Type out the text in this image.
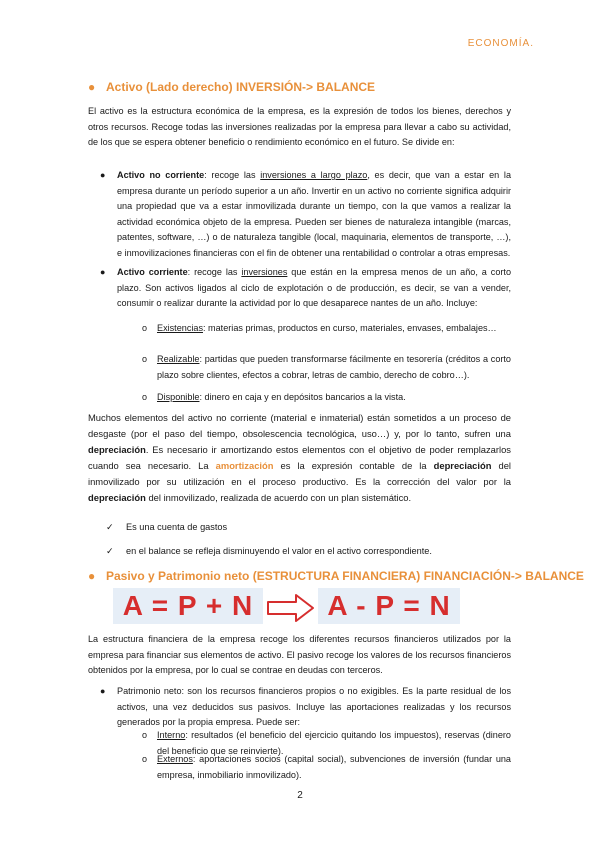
ECONOMÍA.
● Activo (Lado derecho) INVERSIÓN-> BALANCE

El activo es la estructura económica de la empresa, es la expresión de todos los bienes, derechos y otros recursos. Recoge todas las inversiones realizadas por la empresa para llevar a cabo su actividad, de los que se espera obtener beneficio o rendimiento económico en el futuro. Se divide en:

● Activo no corriente: recoge las inversiones a largo plazo, es decir, que van a estar en la empresa durante un período superior a un año. Invertir en un activo no corriente significa adquirir una propiedad que va a estar inmovilizada durante un tiempo, con la que vamos a realizar la actividad económica objeto de la empresa. Pueden ser bienes de naturaleza intangible (marcas, patentes, software, …) o de naturaleza tangible (local, maquinaria, elementos de transporte, …), e inmovilizaciones financieras con el fin de obtener una rentabilidad o controlar a otras empresas.

● Activo corriente: recoge las inversiones que están en la empresa menos de un año, a corto plazo. Son activos ligados al ciclo de explotación o de producción, es decir, se van a vender, consumir o realizar durante la actividad por lo que desaparece nantes de un año. Incluye:

o Existencias: materias primas, productos en curso, materiales, envases, embalajes…

o Realizable: partidas que pueden transformarse fácilmente en tesorería (créditos a corto plazo sobre clientes, efectos a cobrar, letras de cambio, derecho de cobro…).

o Disponible: dinero en caja y en depósitos bancarios a la vista.

Muchos elementos del activo no corriente (material e inmaterial) están sometidos a un proceso de desgaste (por el paso del tiempo, obsolescencia tecnológica, uso…) y, por lo tanto, sufren una depreciación. Es necesario ir amortizando estos elementos con el objetivo de poder remplazarlos cuando sea necesario. La amortización es la expresión contable de la depreciación del inmovilizado por su utilización en el proceso productivo. Es la corrección del valor por la depreciación del inmovilizado, realizada de acuerdo con un plan sistemático.

✓ Es una cuenta de gastos
✓ en el balance se refleja disminuyendo el valor en el activo correspondiente.
● Pasivo y Patrimonio neto (ESTRUCTURA FINANCIERA) FINANCIACIÓN-> BALANCE
A = P + N	A - P = N

La estructura financiera de la empresa recoge los diferentes recursos financieros utilizados por la empresa para financiar sus elementos de activo. El pasivo recoge los valores de los recursos financieros obtenidos por la empresa, por lo cual se contrae en deudas con terceros.

● Patrimonio neto: son los recursos financieros propios o no exigibles. Es la parte residual de los activos, una vez deducidos sus pasivos. Incluye las aportaciones realizadas y los recursos generados por la propia empresa. Puede ser:

o Interno: resultados (el beneficio del ejercicio quitando los impuestos), reservas (dinero del beneficio que se reinvierte).

o Externos: aportaciones socios (capital social), subvenciones de inversión (fundar una empresa, inmobiliario inmovilizado).

2
